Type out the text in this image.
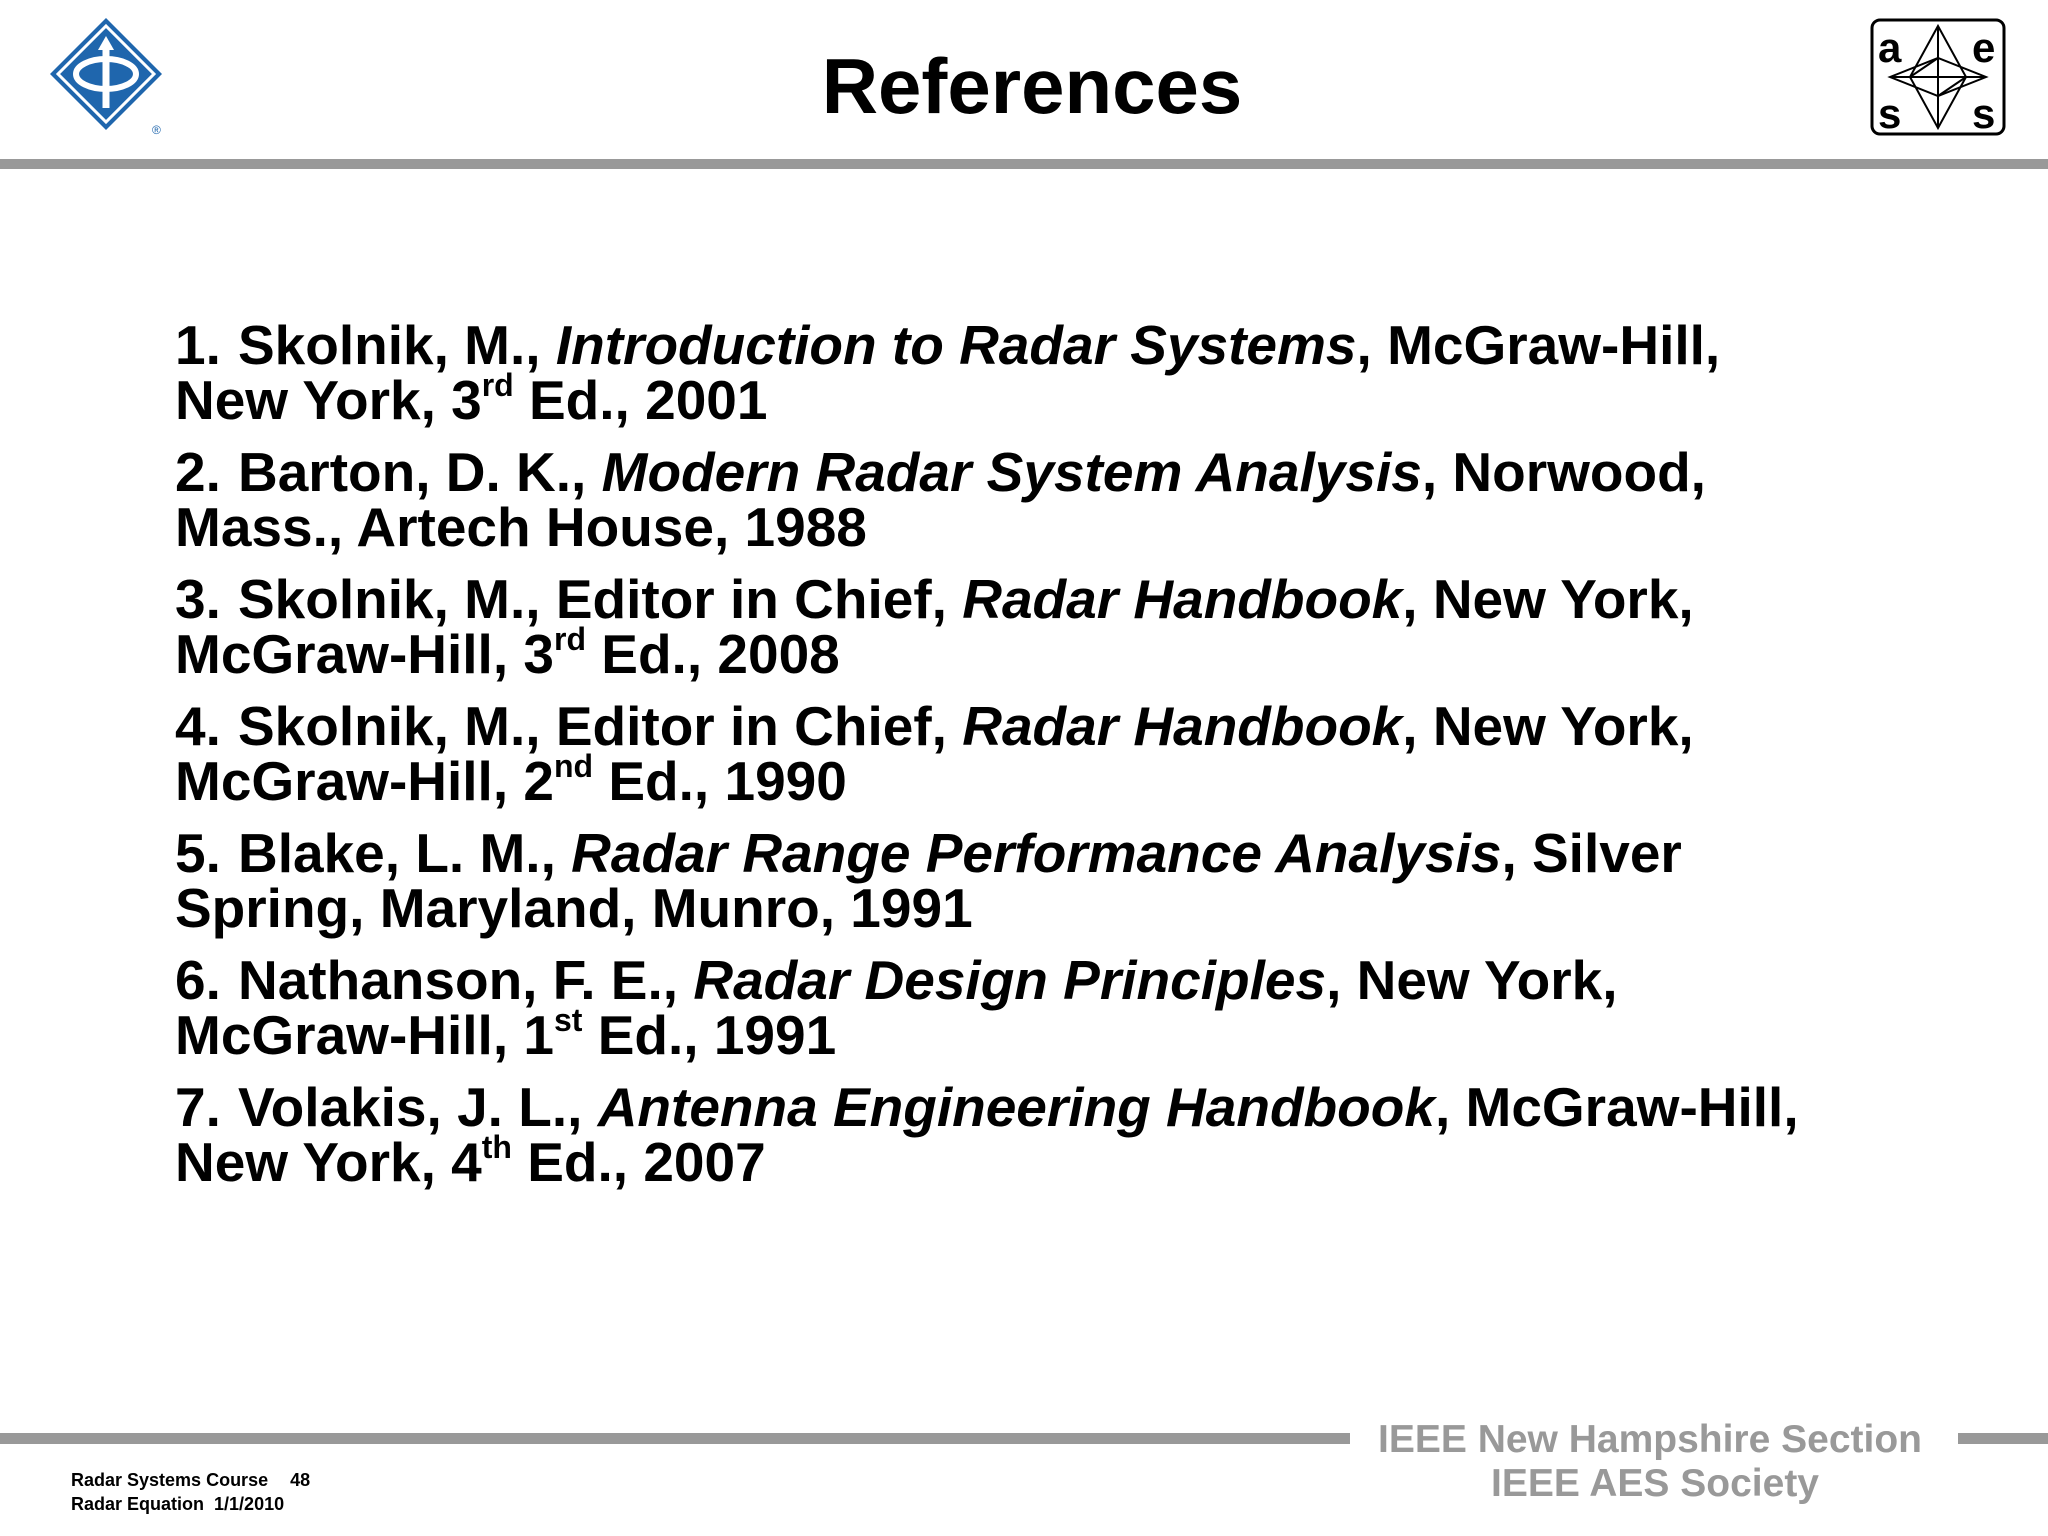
®	References	a e
s s
1. Skolnik, M., Introduction to Radar Systems, McGraw-Hill,
New York, 3rd Ed., 2001
2. Barton, D. K., Modern Radar System Analysis, Norwood,
Mass., Artech House, 1988
3. Skolnik, M., Editor in Chief, Radar Handbook, New York,
McGraw-Hill, 3rd Ed., 2008
4. Skolnik, M., Editor in Chief, Radar Handbook, New York,
McGraw-Hill, 2nd Ed., 1990
5. Blake, L. M., Radar Range Performance Analysis, Silver
Spring, Maryland, Munro, 1991
6. Nathanson, F. E., Radar Design Principles, New York,
McGraw-Hill, 1st Ed., 1991
7. Volakis, J. L., Antenna Engineering Handbook, McGraw-Hill,
New York, 4th Ed., 2007
IEEE New Hampshire Section
IEEE AES Society
Radar Systems Course 48
Radar Equation 1/1/2010
